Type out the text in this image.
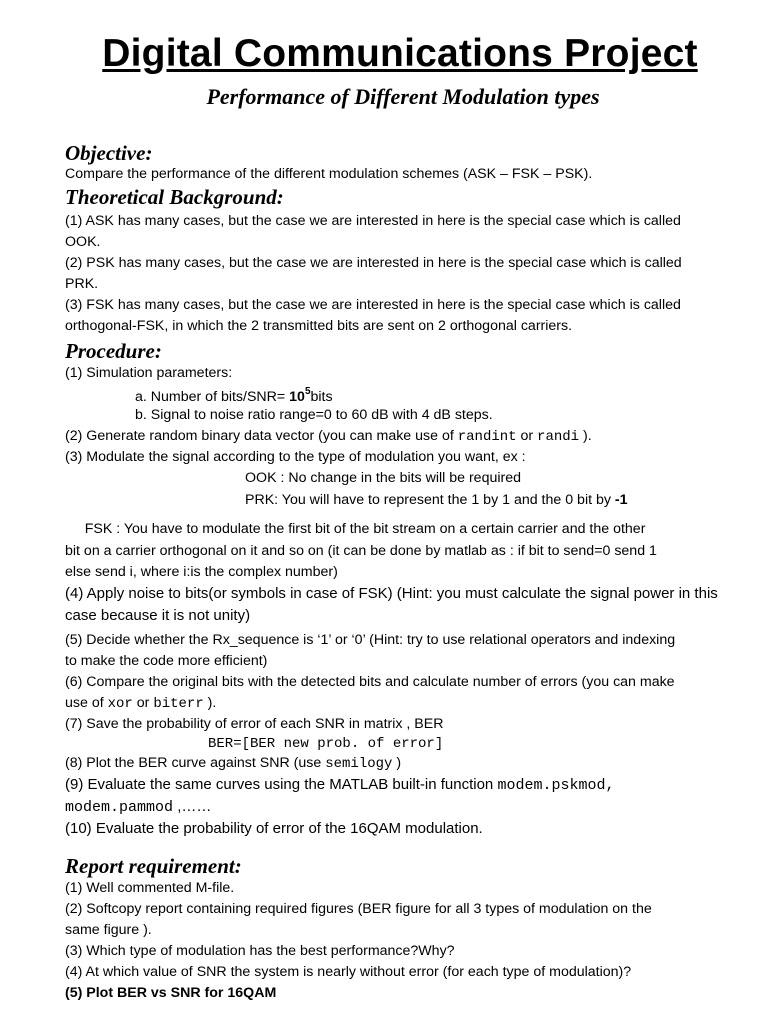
Digital Communications Project
Performance of Different Modulation types
Objective:
Compare the performance of the different modulation schemes (ASK – FSK – PSK).
Theoretical Background:
(1) ASK has many cases, but the case we are interested in here is the special case which is called
OOK.
(2) PSK has many cases, but the case we are interested in here is the special case which is called
PRK.
(3) FSK has many cases, but the case we are interested in here is the special case which is called
orthogonal-FSK, in which the 2 transmitted bits are sent on 2 orthogonal carriers.
Procedure:
(1) Simulation parameters:
a. Number of bits/SNR= $10^5bits$
b. Signal to noise ratio range=0 to 60 dB with 4 dB steps.
(2) Generate random binary data vector (you can make use of randint or randi ).
(3) Modulate the signal according to the type of modulation you want, ex :
OOK : No change in the bits will be required
PRK: You will have to represent the 1 by 1 and the 0 bit by -1
FSK : You have to modulate the first bit of the bit stream on a certain carrier and the other
bit on a carrier orthogonal on it and so on (it can be done by matlab as : if bit to send=0 send 1
else send i, where i:is the complex number)
(4) Apply noise to bits(or symbols in case of FSK) (Hint: you must calculate the signal power in this
case because it is not unity)
(5) Decide whether the Rx_sequence is ‘1’ or ‘0’ (Hint: try to use relational operators and indexing
to make the code more efficient)
(6) Compare the original bits with the detected bits and calculate number of errors (you can make
use of xor or biterr ).
(7) Save the probability of error of each SNR in matrix , BER
BER=[BER new prob. of error]
(8) Plot the BER curve against SNR (use semilogy )
(9) Evaluate the same curves using the MATLAB built-in function modem.pskmod,
modem.pammod ,……
(10) Evaluate the probability of error of the 16QAM modulation.
Report requirement:
(1) Well commented M-file.
(2) Softcopy report containing required figures (BER figure for all 3 types of modulation on the
same figure ).
(3) Which type of modulation has the best performance?Why?
(4) At which value of SNR the system is nearly without error (for each type of modulation)?
(5) Plot BER vs SNR for 16QAM
